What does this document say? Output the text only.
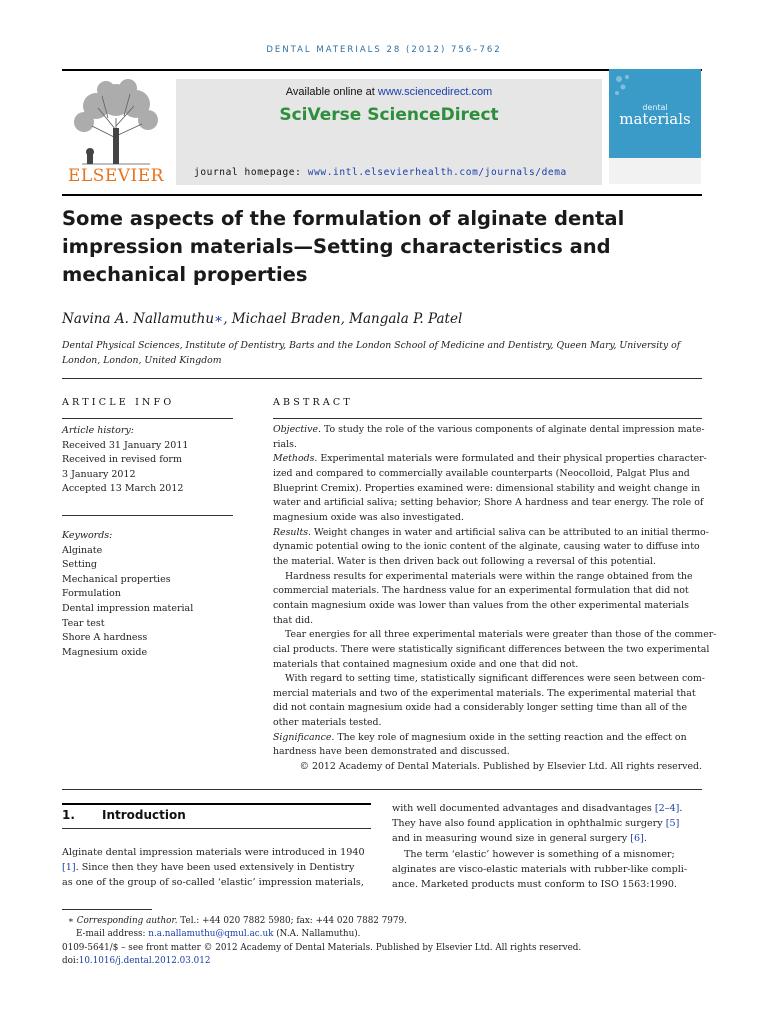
DENTAL MATERIALS 28 (2012) 756–762
ELSEVIER
Available online at www.sciencedirect.com
SciVerse ScienceDirect
journal homepage: www.intl.elsevierhealth.com/journals/dema
dental
materials
Some aspects of the formulation of alginate dental impression materials—Setting characteristics and mechanical properties
Navina A. Nallamuthu∗, Michael Braden, Mangala P. Patel
Dental Physical Sciences, Institute of Dentistry, Barts and the London School of Medicine and Dentistry, Queen Mary, University of London, London, United Kingdom
ARTICLE INFO	ABSTRACT
Article history:
Received 31 January 2011
Received in revised form
3 January 2012
Accepted 13 March 2012
Keywords:
Alginate
Setting
Mechanical properties
Formulation
Dental impression material
Tear test
Shore A hardness
Magnesium oxide
Objective. To study the role of the various components of alginate dental impression mate-
rials.
Methods. Experimental materials were formulated and their physical properties character-
ized and compared to commercially available counterparts (Neocolloid, Palgat Plus and
Blueprint Cremix). Properties examined were: dimensional stability and weight change in
water and artificial saliva; setting behavior; Shore A hardness and tear energy. The role of
magnesium oxide was also investigated.
Results. Weight changes in water and artificial saliva can be attributed to an initial thermo-
dynamic potential owing to the ionic content of the alginate, causing water to diffuse into
the material. Water is then driven back out following a reversal of this potential.
Hardness results for experimental materials were within the range obtained from the
commercial materials. The hardness value for an experimental formulation that did not
contain magnesium oxide was lower than values from the other experimental materials
that did.
Tear energies for all three experimental materials were greater than those of the commer-
cial products. There were statistically significant differences between the two experimental
materials that contained magnesium oxide and one that did not.
With regard to setting time, statistically significant differences were seen between com-
mercial materials and two of the experimental materials. The experimental material that
did not contain magnesium oxide had a considerably longer setting time than all of the
other materials tested.
Significance. The key role of magnesium oxide in the setting reaction and the effect on
hardness have been demonstrated and discussed.
© 2012 Academy of Dental Materials. Published by Elsevier Ltd. All rights reserved.
1. Introduction
Alginate dental impression materials were introduced in 1940
[1]. Since then they have been used extensively in Dentistry
as one of the group of so-called ‘elastic’ impression materials,
with well documented advantages and disadvantages [2–4].
They have also found application in ophthalmic surgery [5]
and in measuring wound size in general surgery [6].
The term ‘elastic’ however is something of a misnomer;
alginates are visco-elastic materials with rubber-like compli-
ance. Marketed products must conform to ISO 1563:1990.
∗ Corresponding author. Tel.: +44 020 7882 5980; fax: +44 020 7882 7979.
E-mail address: n.a.nallamuthu@qmul.ac.uk (N.A. Nallamuthu).
0109-5641/$ – see front matter © 2012 Academy of Dental Materials. Published by Elsevier Ltd. All rights reserved.
doi:10.1016/j.dental.2012.03.012
